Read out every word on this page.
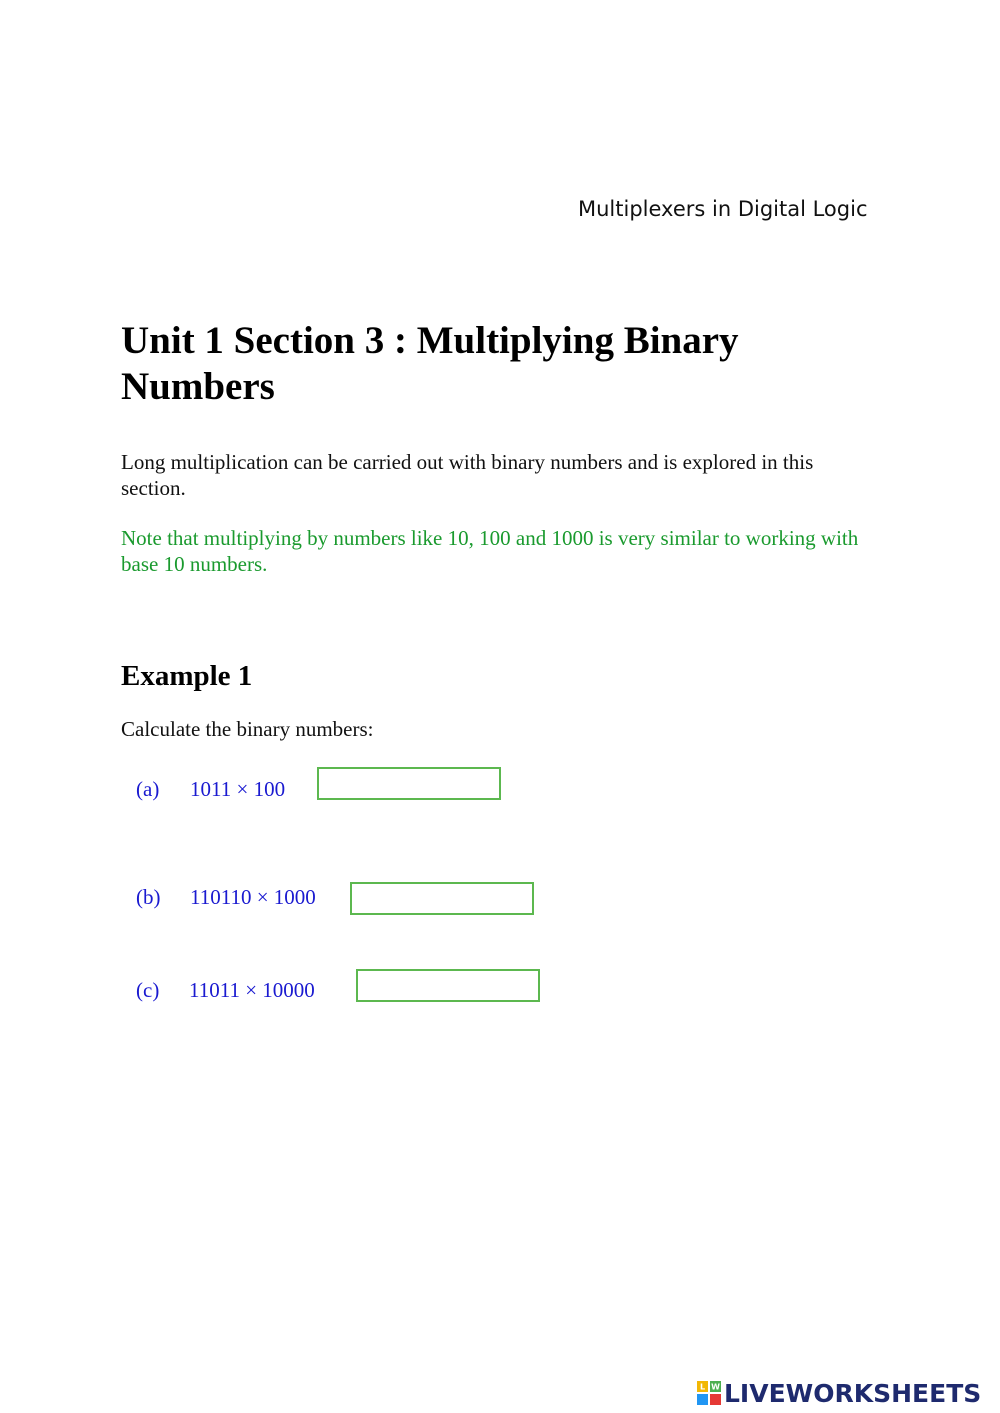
Multiplexers in Digital Logic
Unit 1 Section 3 : Multiplying Binary Numbers

Long multiplication can be carried out with binary numbers and is explored in this section.

Note that multiplying by numbers like 10, 100 and 1000 is very similar to working with base 10 numbers.

Example 1

Calculate the binary numbers:

(a) 1011 × 100
(b) 110110 × 1000
(c) 11011 × 10000
L W LIVEWORKSHEETS
